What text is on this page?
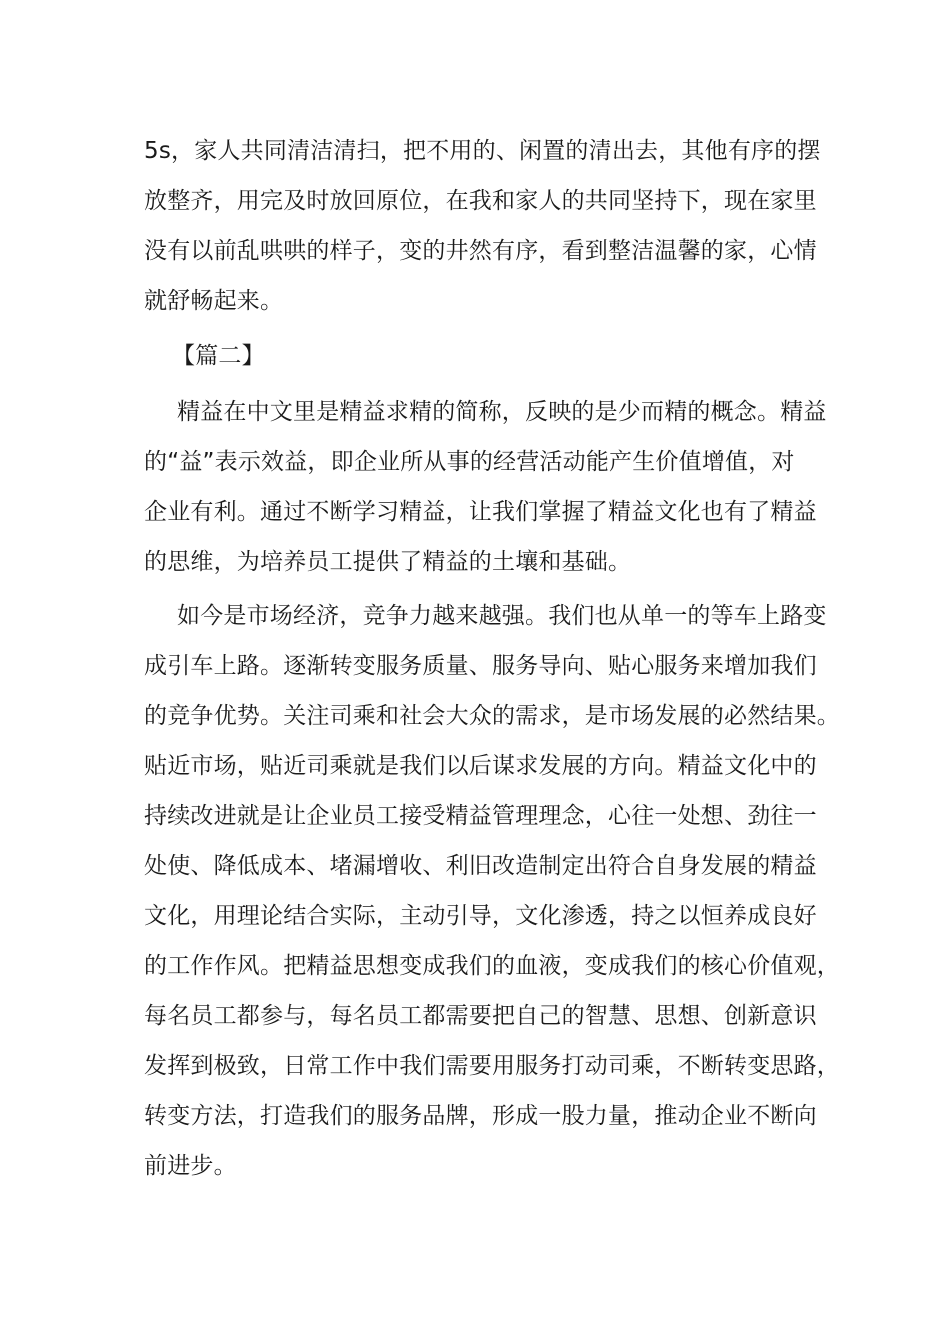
5s，家人共同清洁清扫，把不用的、闲置的清出去，其他有序的摆
放整齐，用完及时放回原位，在我和家人的共同坚持下，现在家里
没有以前乱哄哄的样子，变的井然有序，看到整洁温馨的家，心情
就舒畅起来。
【篇二】
精益在中文里是精益求精的简称，反映的是少而精的概念。精益
的“益”表示效益，即企业所从事的经营活动能产生价值增值，对
企业有利。通过不断学习精益，让我们掌握了精益文化也有了精益
的思维，为培养员工提供了精益的土壤和基础。
如今是市场经济，竞争力越来越强。我们也从单一的等车上路变
成引车上路。逐渐转变服务质量、服务导向、贴心服务来增加我们
的竞争优势。关注司乘和社会大众的需求，是市场发展的必然结果。
贴近市场，贴近司乘就是我们以后谋求发展的方向。精益文化中的
持续改进就是让企业员工接受精益管理理念，心往一处想、劲往一
处使、降低成本、堵漏增收、利旧改造制定出符合自身发展的精益
文化，用理论结合实际，主动引导，文化渗透，持之以恒养成良好
的工作作风。把精益思想变成我们的血液，变成我们的核心价值观，
每名员工都参与，每名员工都需要把自己的智慧、思想、创新意识
发挥到极致，日常工作中我们需要用服务打动司乘，不断转变思路，
转变方法，打造我们的服务品牌，形成一股力量，推动企业不断向
前进步。
